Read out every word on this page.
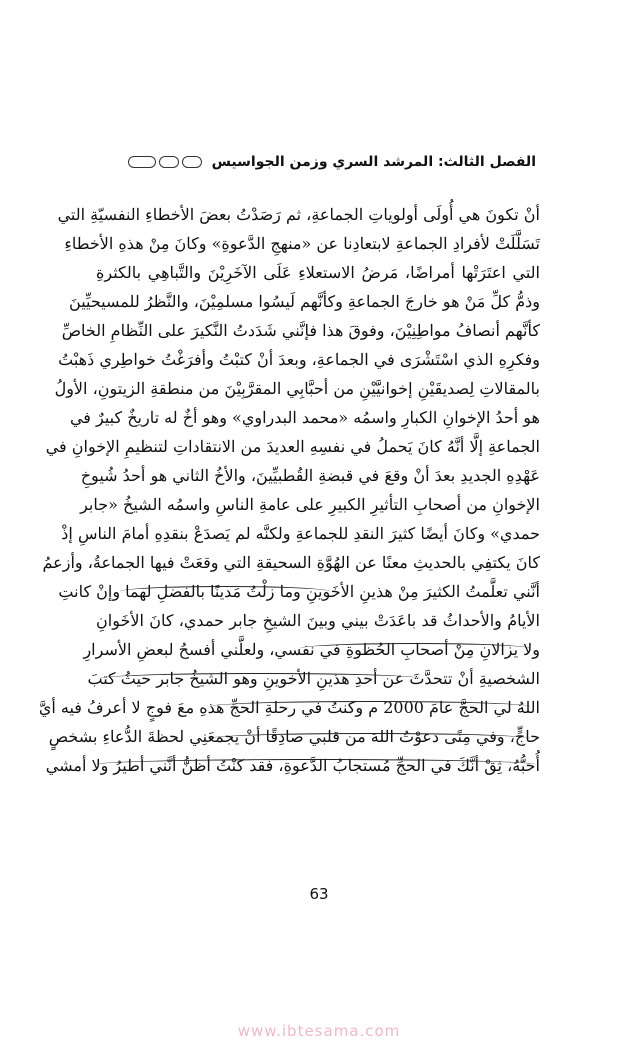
الفصل الثالث: المرشد السري وزمن الجواسيس
أنْ تكونَ هي أُولَى أولوياتِ الجماعةِ، ثم رَصَدْتُ بعضَ الأخطاءِ النفسيّةِ التي
تَسَلَّلَتْ لأفرادِ الجماعةِ لابتعادِنا عن «منهجِ الدَّعوةِ» وكانَ مِنْ هذهِ الأخطاءِ
التي اعتَرَتْها أمراضًا، مَرضُ الاستعلاءِ عَلَى الآخَرِيْنَ والتَّباهِي بالكثرةِ
وذمُّ كلِّ مَنْ هو خارجَ الجماعةِ وكأنَّهم لَيسُوا مسلمِيْنَ، والنَّظرُ للمسيحيِّينَ
كأنَّهم أنصافُ مواطِنِيْنَ، وفوقَ هذا فإنَّني شَدَدتُ النَّكيرَ على النِّظامِ الخاصِّ
وفكرِهِ الذي اسْتَشْرَى في الجماعةِ، وبعدَ أنْ كتبْتُ وأفرَغْتُ خواطِري ذَهبْتُ
بالمقالاتِ لِصديقَيْنِ إخوانيَّيْنِ من أحبَّابِي المقرَّبِيْنَ من منطقةِ الزيتونِ، الأولُ
هو أحدُ الإخوانِ الكبارِ واسمُه «محمد البدراوي» وهو أخٌ له تاريخٌ كبيرٌ في
الجماعةِ إلَّا أنَّهُ كانَ يَحملُ في نفسِهِ العديدَ من الانتقاداتِ لتنظيمِ الإخوانِ في
عَهْدِهِ الجديدِ بعدَ أنْ وقعَ في قبضةِ القُطبيِّينَ، والأخُ الثاني هو أحدُ شُيوخِ
الإخوانِ من أصحابِ التأثيرِ الكبيرِ على عامةِ الناسِ واسمُه الشيخُ «جابر
حمدي» وكانَ أيضًا كثيرَ النقدِ للجماعةِ ولكنَّه لم يَصدَعْ بنقدِهِ أمامَ الناسِ إذْ
كانَ يكتفِي بالحديثِ معنًا عن الهُوَّةِ السحيقةِ التي وقعَتْ فيها الجماعةُ، وأزعمُ
أنَّني تعلَّمتُ الكثيرَ مِنْ هذينِ الأخَوينِ وما زلْتُ مَدينًا بالفضلِ لهما وإنْ كانتِ
الأيامُ والأحداثُ قد باعَدَتْ بيني وبينَ الشيخِ جابر حمدي، كانَ الأخَوانِ
ولا يزالانِ مِنْ أصحابِ الحُظوةِ في نفسي، ولعلَّني أفسحُ لبعضِ الأسرارِ
الشخصيةِ أنْ تتحدَّثَ عن أحدِ هذينِ الأخوينِ وهو الشيخُ جابر حيثُ كتبَ
اللهُ لي الحجَّ عامَ 2000 م وكنتُ في رحلةِ الحجِّ هذهِ معَ فوجٍ لا أعرفُ فيه أيَّ
حاجٍّ، وفي مِنًى دعوْتُ اللهَ من قلبي صادِقًا أنْ يجمعَنِي لحظةَ الدُّعاءِ بشخصٍ
أُحبُّهُ، ثِقْ أنَّكَ في الحجِّ مُستجابُ الدَّعوةِ، فقد كنْتُ أظنُّ أنَّني أطيرُ ولا أمشي
63
www.ibtesama.com
